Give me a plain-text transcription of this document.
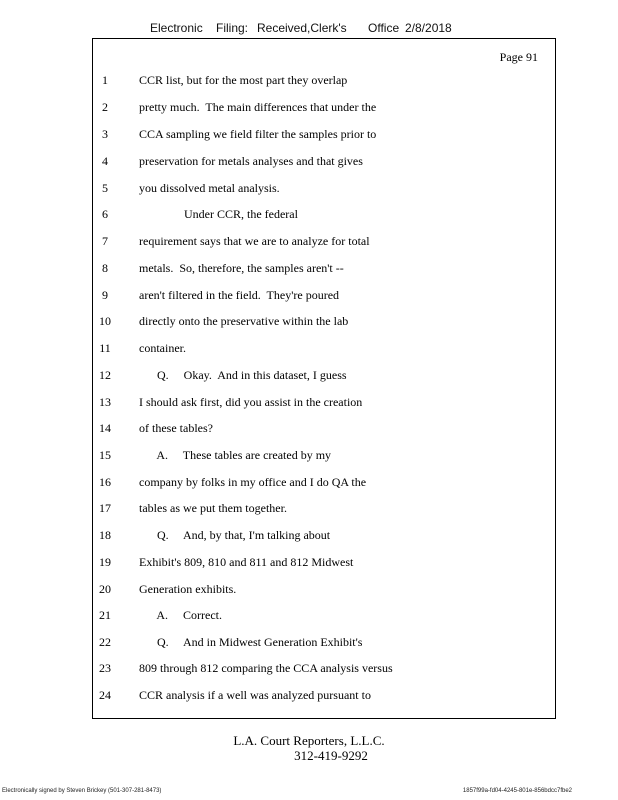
Electronic Filing: Received,Clerk's Office 2/8/2018
Page 91
1	CCR list, but for the most part they overlap
2	pretty much.  The main differences that under the
3	CCA sampling we field filter the samples prior to
4	preservation for metals analyses and that gives
5	you dissolved metal analysis.
6	Under CCR, the federal
7	requirement says that we are to analyze for total
8	metals.  So, therefore, the samples aren't --
9	aren't filtered in the field.  They're poured
10	directly onto the preservative within the lab
11	container.
12	Q.     Okay.  And in this dataset, I guess
13	I should ask first, did you assist in the creation
14	of these tables?
15	A.     These tables are created by my
16	company by folks in my office and I do QA the
17	tables as we put them together.
18	Q.     And, by that, I'm talking about
19	Exhibit's 809, 810 and 811 and 812 Midwest
20	Generation exhibits.
21	A.     Correct.
22	Q.     And in Midwest Generation Exhibit's
23	809 through 812 comparing the CCA analysis versus
24	CCR analysis if a well was analyzed pursuant to
L.A. Court Reporters, L.L.C.
312-419-9292
Electronically signed by Steven Brickey (501-307-281-8473)	1857f99a-fd04-4245-801e-856bdcc7fbe2
